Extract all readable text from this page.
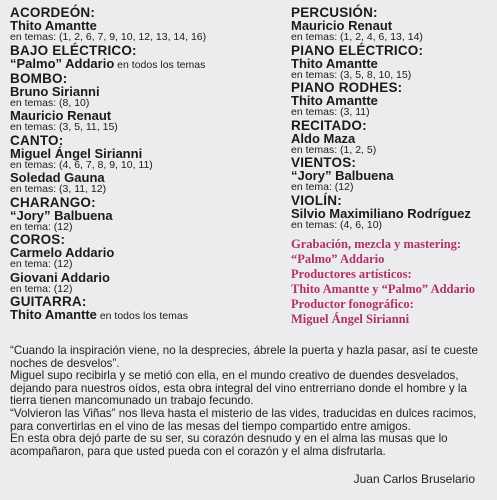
ACORDEÓN:
Thito Amantte
en temas: (1, 2, 6, 7, 9, 10, 12, 13, 14, 16)
BAJO ELÉCTRICO:
“Palmo” Addario en todos los temas
BOMBO:
Bruno Sirianni
en temas: (8, 10)
Mauricio Renaut
en temas: (3, 5, 11, 15)
CANTO:
Miguel Ángel Sirianni
en temas: (4, 6, 7, 8, 9, 10, 11)
Soledad Gauna
en temas: (3, 11, 12)
CHARANGO:
“Jory” Balbuena
en tema: (12)
COROS:
Carmelo Addario
en tema: (12)
Giovani Addario
en tema: (12)
GUITARRA:
Thito Amantte en todos los temas
PERCUSIÓN:
Mauricio Renaut
en temas: (1, 2, 4, 6, 13, 14)
PIANO ELÉCTRICO:
Thito Amantte
en temas: (3, 5, 8, 10, 15)
PIANO RODHES:
Thito Amantte
en temas: (3, 11)
RECITADO:
Aldo Maza
en temas: (1, 2, 5)
VIENTOS:
“Jory” Balbuena
en tema: (12)
VIOLÍN:
Silvio Maximiliano Rodríguez
en temas: (4, 6, 10)
Grabación, mezcla y mastering:
“Palmo” Addario
Productores artísticos:
Thito Amantte y “Palmo” Addario
Productor fonográfico:
Miguel Ángel Sirianni

“Cuando la inspiración viene, no la desprecies, ábrele la puerta y hazla pasar, así te cueste noches de desvelos”.

Miguel supo recibirla y se metió con ella, en el mundo creativo de duendes desvelados, dejando para nuestros oídos, esta obra integral del vino entrerriano donde el hombre y la tierra tienen mancomunado un trabajo fecundo.

“Volvieron las Viñas” nos lleva hasta el misterio de las vides, traducidas en dulces racimos, para convertirlas en el vino de las mesas del tiempo compartido entre amigos.

En esta obra dejó parte de su ser, su corazón desnudo y en el alma las musas que lo acompañaron, para que usted pueda con el corazón y el alma disfrutarla.

Juan Carlos Bruselario
